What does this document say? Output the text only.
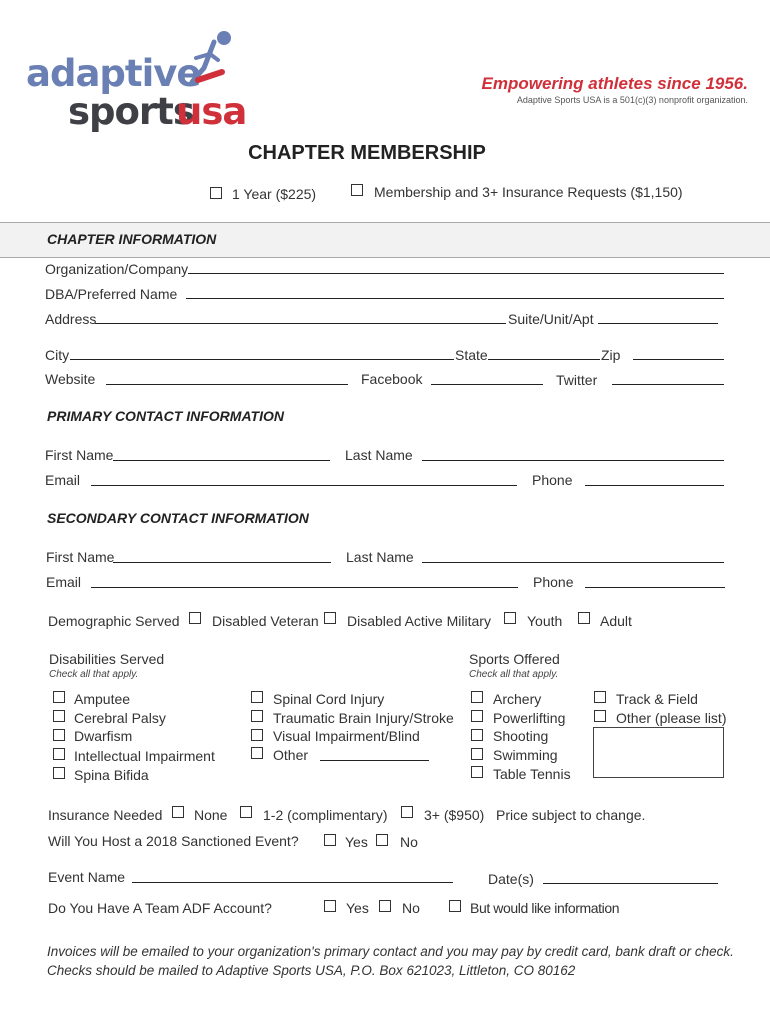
adaptive
sports
usa
Empowering athletes since 1956.
Adaptive Sports USA is a 501(c)(3) nonprofit organization.
CHAPTER MEMBERSHIP
1 Year ($225)	Membership and 3+ Insurance Requests ($1,150)
CHAPTER INFORMATION
Organization/Company
DBA/Preferred Name
Address	Suite/Unit/Apt
City	State	Zip
Website	Facebook	Twitter
PRIMARY CONTACT INFORMATION
First Name	Last Name
Email	Phone
SECONDARY CONTACT INFORMATION
First Name	Last Name
Email	Phone
Demographic Served Disabled Veteran Disabled Active Military	Youth	Adult
Disabilities Served
Check all that apply.
Amputee
Cerebral Palsy
Dwarfism
Intellectual Impairment
Spina Bifida
Spinal Cord Injury
Traumatic Brain Injury/Stroke
Visual Impairment/Blind
Other
Sports Offered
Check all that apply.
Archery
Powerlifting
Shooting
Swimming
Table Tennis
Track & Field
Other (please list)
Insurance Needed None	1-2 (complimentary)	3+ ($950) Price subject to change.
Will You Host a 2018 Sanctioned Event?	Yes No
Event Name	Date(s)
Do You Have A Team ADF Account?	Yes No	But would like information
Invoices will be emailed to your organization's primary contact and you may pay by credit card, bank draft or check.
Checks should be mailed to Adaptive Sports USA, P.O. Box 621023, Littleton, CO 80162
